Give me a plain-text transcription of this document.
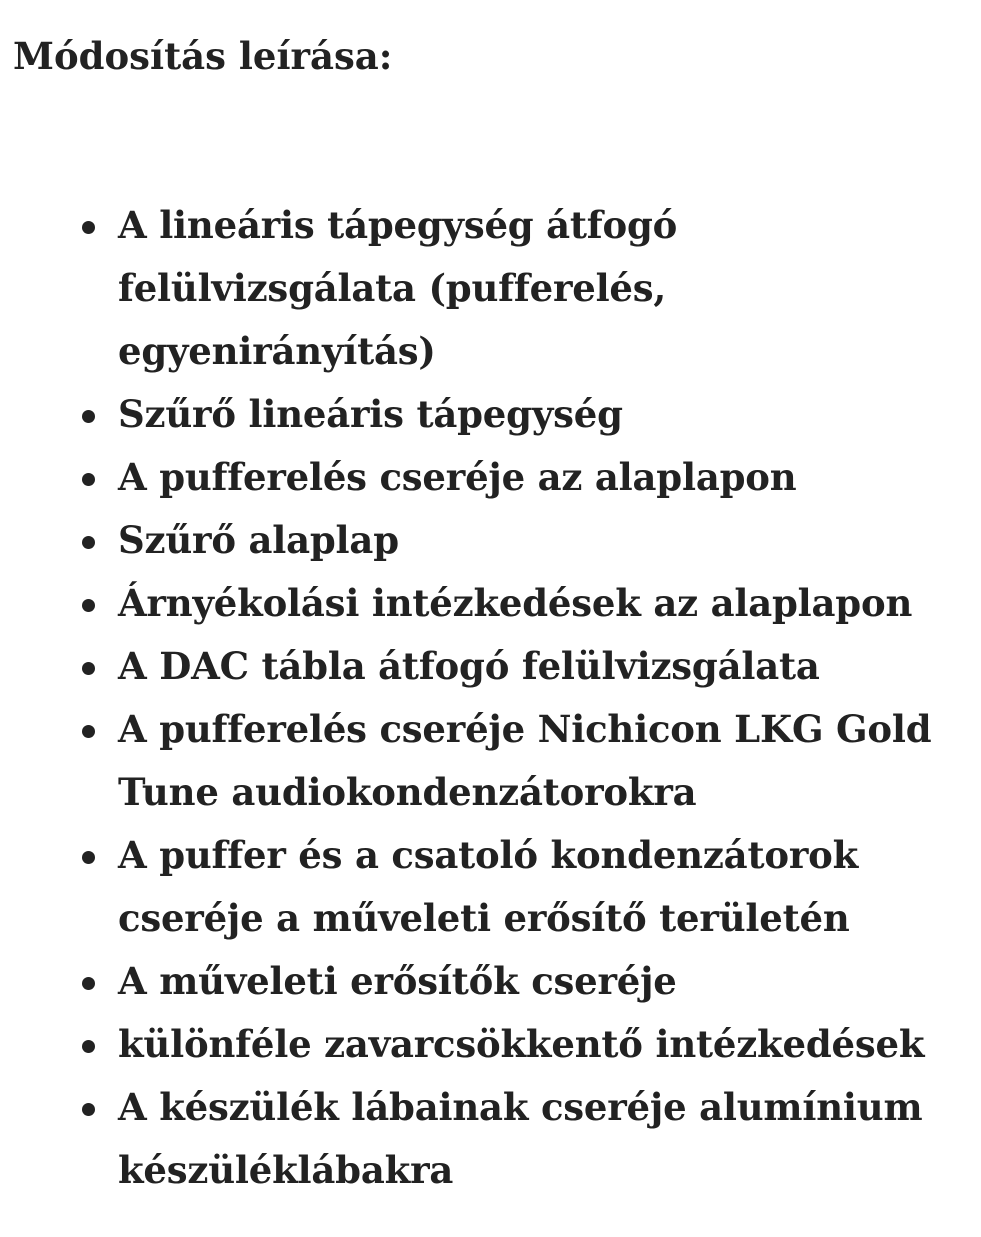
Módosítás leírása:
A lineáris tápegység átfogó felülvizsgálata (pufferelés, egyenirányítás)
Szűrő lineáris tápegység
A pufferelés cseréje az alaplapon
Szűrő alaplap
Árnyékolási intézkedések az alaplapon
A DAC tábla átfogó felülvizsgálata
A pufferelés cseréje Nichicon LKG Gold Tune audiokondenzátorokra
A puffer és a csatoló kondenzátorok cseréje a műveleti erősítő területén
A műveleti erősítők cseréje
különféle zavarcsökkentő intézkedések
A készülék lábainak cseréje alumínium készüléklábakra
